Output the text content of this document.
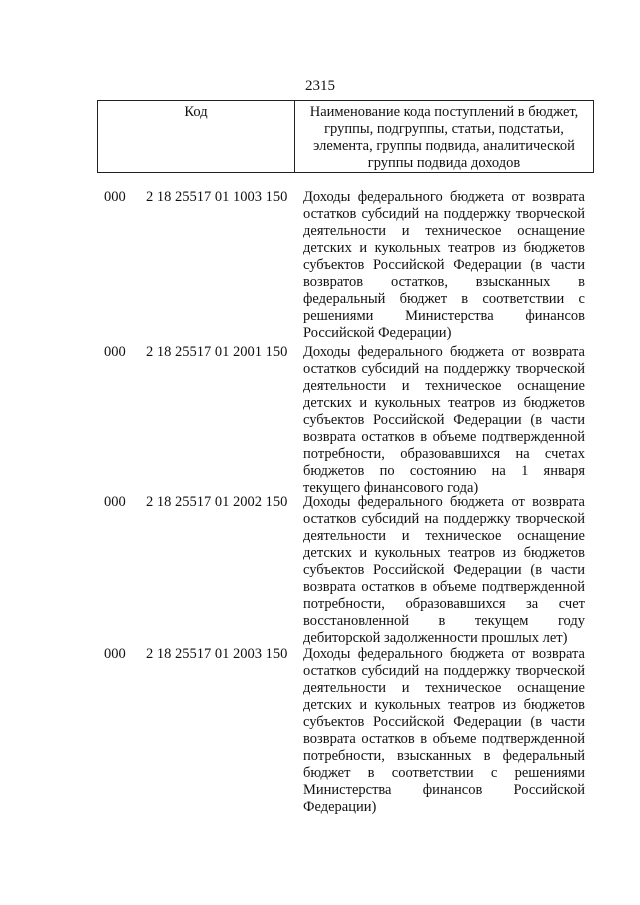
2315
Код	Наименование кода поступлений в бюджет, группы, подгруппы, статьи, подстатьи, элемента, группы подвида, аналитической группы подвида доходов
000 2 18 25517 01 1003 150 Доходы федерального бюджета от возврата остатков субсидий на поддержку творческой деятельности и техническое оснащение детских и кукольных театров из бюджетов субъектов Российской Федерации (в части возвратов остатков, взысканных в федеральный бюджет в соответствии с решениями Министерства финансов Российской Федерации)
000 2 18 25517 01 2001 150 Доходы федерального бюджета от возврата остатков субсидий на поддержку творческой деятельности и техническое оснащение детских и кукольных театров из бюджетов субъектов Российской Федерации (в части возврата остатков в объеме подтвержденной потребности, образовавшихся на счетах бюджетов по состоянию на 1 января текущего финансового года)
000 2 18 25517 01 2002 150 Доходы федерального бюджета от возврата остатков субсидий на поддержку творческой деятельности и техническое оснащение детских и кукольных театров из бюджетов субъектов Российской Федерации (в части возврата остатков в объеме подтвержденной потребности, образовавшихся за счет восстановленной в текущем году дебиторской задолженности прошлых лет)
000 2 18 25517 01 2003 150 Доходы федерального бюджета от возврата остатков субсидий на поддержку творческой деятельности и техническое оснащение детских и кукольных театров из бюджетов субъектов Российской Федерации (в части возврата остатков в объеме подтвержденной потребности, взысканных в федеральный бюджет в соответствии с решениями Министерства финансов Российской Федерации)
